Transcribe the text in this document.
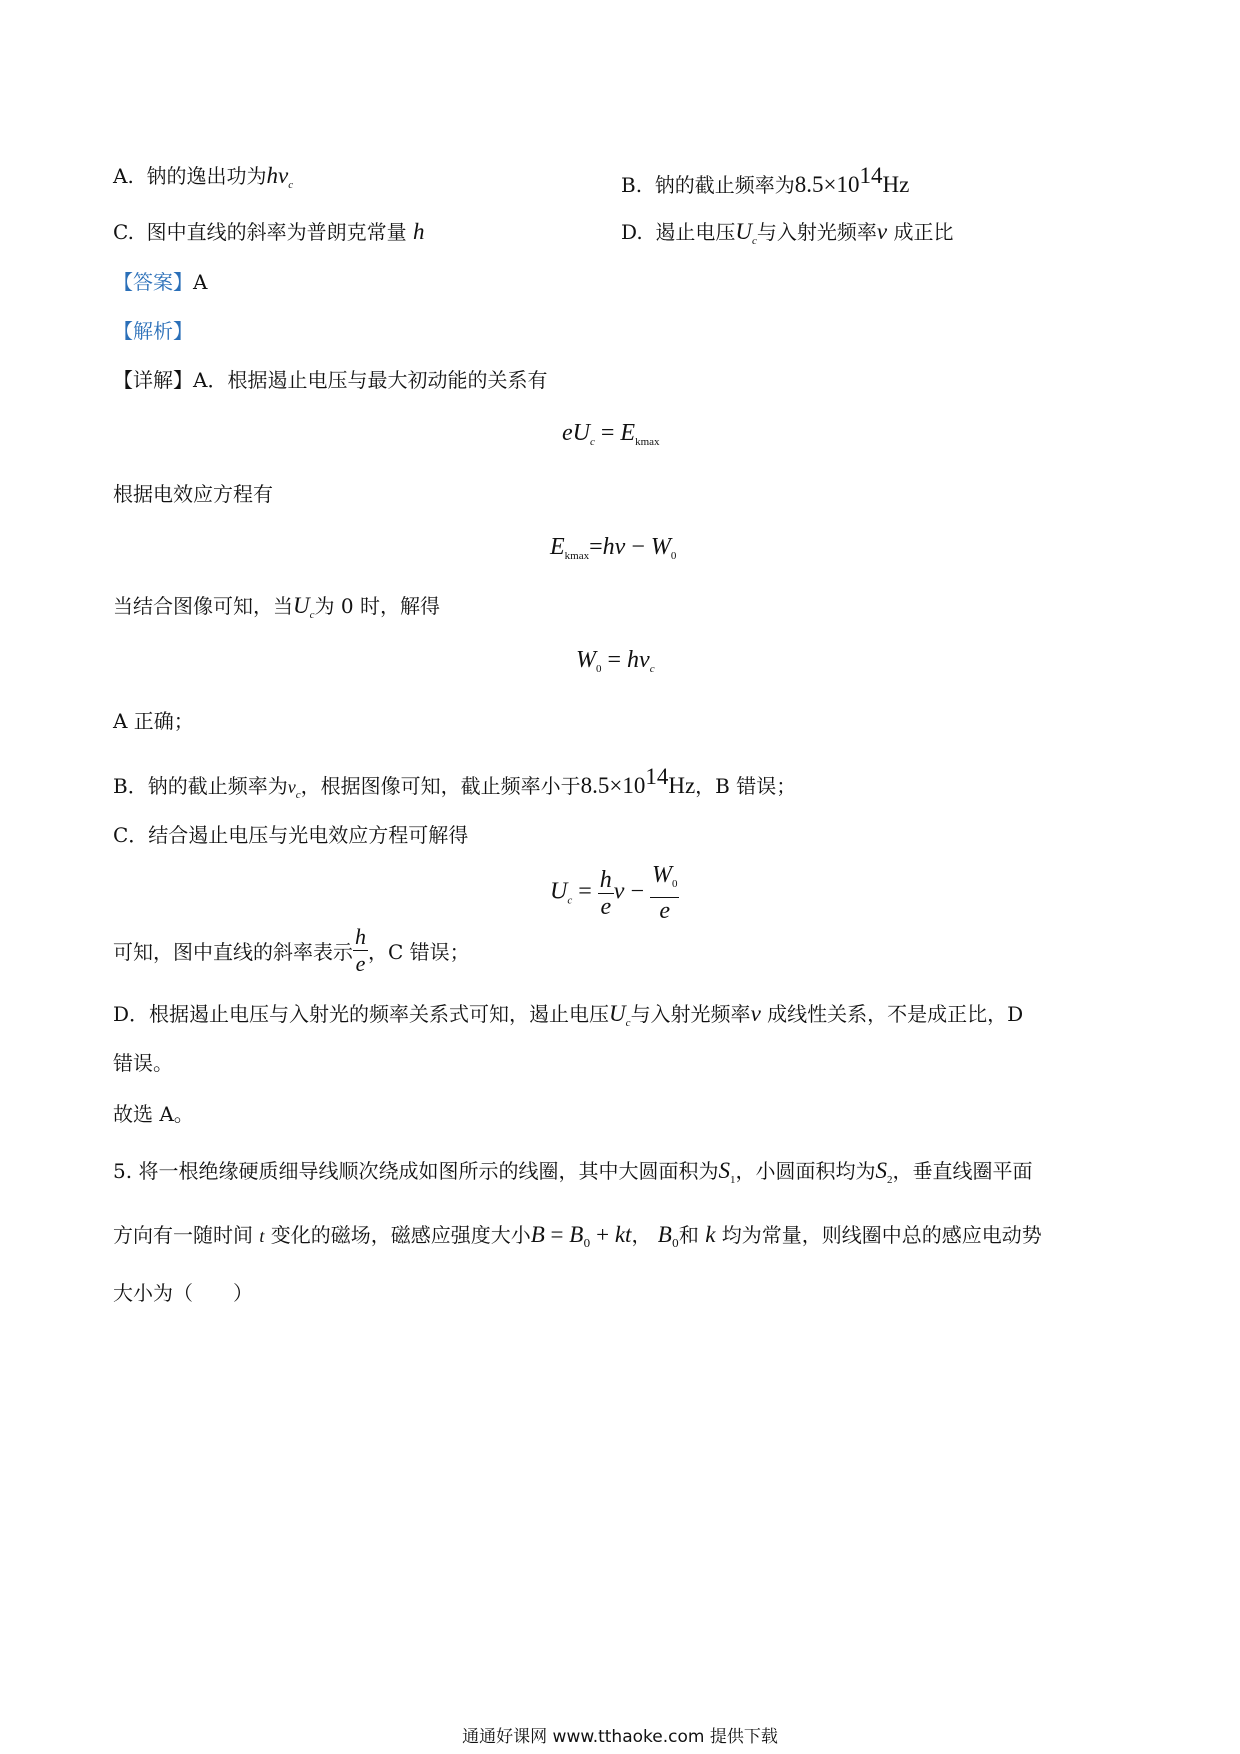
A. 钠的逸出功为$h\nu_c$	B. 钠的截止频率为$8.5\times 10^{14}Hz$
C. 图中直线的斜率为普朗克常量 h	D. 遏止电压$U_c$与入射光频率ν 成正比
【答案】A
【解析】
【详解】A．根据遏止电压与最大初动能的关系有
$eU_c = E_{kmax}$
根据电效应方程有
$E_{kmax}=h\nu - W_0$
当结合图像可知，当$U_c$为 0 时，解得
$W_0 = h\nu_c$
A 正确；
B．钠的截止频率为$\nu_c$，根据图像可知，截止频率小于$8.5\times 10^{14}Hz$，B 错误；
C．结合遏止电压与光电效应方程可解得
$U_c = \frac{h}{e}$ $\nu - \frac{W_0}{e}$
可知，图中直线的斜率表示 $\frac{h}{e}$ ，C 错误；
D．根据遏止电压与入射光的频率关系式可知，遏止电压$U_c$与入射光频率ν 成线性关系，不是成正比，D
错误。
故选 A。
5. 将一根绝缘硬质细导线顺次绕成如图所示的线圈，其中大圆面积为$S_1$，小圆面积均为$S_2$，垂直线圈平面
方向有一随时间 t 变化的磁场，磁感应强度大小$B = B_0$ + kt， $B_0$和 k 均为常量，则线圈中总的感应电动势
大小为（　　）
通通好课网 www.tthaoke.com 提供下载
